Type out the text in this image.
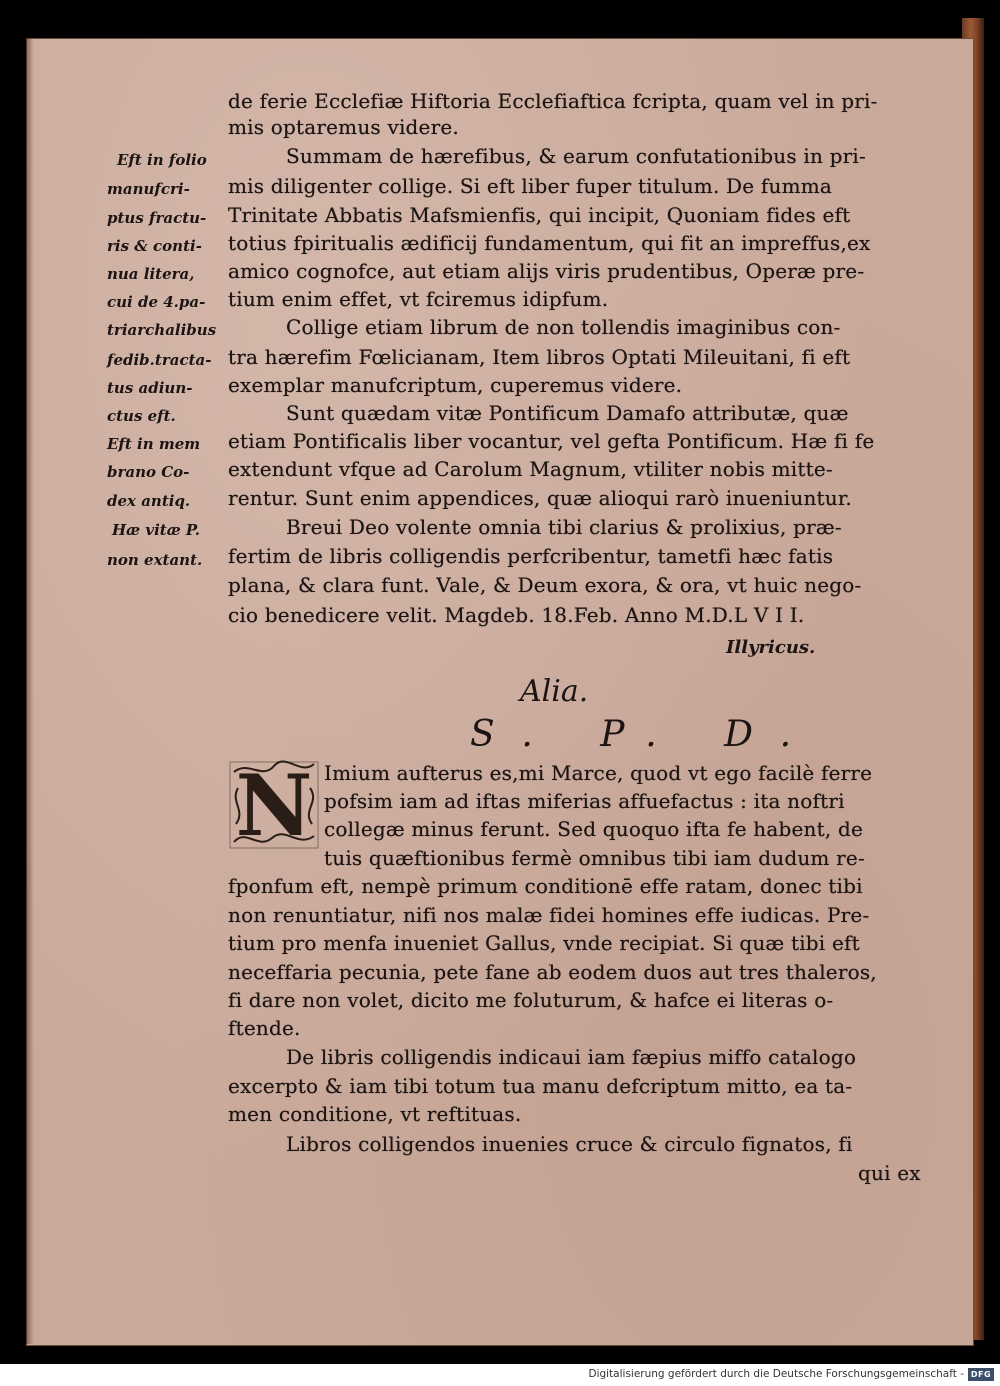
de ferie Ecclefiæ Hiftoria Ecclefiaftica fcripta, quam vel in pri-
mis optaremus videre.
Summam de hærefibus, & earum confutationibus in pri-
mis diligenter collige. Si eft liber fuper titulum. De fumma
Trinitate Abbatis Mafsmienfis, qui incipit, Quoniam fides eft
totius fpiritualis ædificij fundamentum, qui fit an impreffus,ex
amico cognofce, aut etiam alijs viris prudentibus, Operæ pre-
tium enim effet, vt fciremus idipfum.
Collige etiam librum de non tollendis imaginibus con-
tra hærefim Fœlicianam, Item libros Optati Mileuitani, fi eft
exemplar manufcriptum, cuperemus videre.
Sunt quædam vitæ Pontificum Damafo attributæ, quæ
etiam Pontificalis liber vocantur, vel gefta Pontificum. Hæ fi fe
extendunt vfque ad Carolum Magnum, vtiliter nobis mitte-
rentur. Sunt enim appendices, quæ alioqui rarò inueniuntur.
Breui Deo volente omnia tibi clarius & prolixius, præ-
fertim de libris colligendis perfcribentur, tametfi hæc fatis
plana, & clara funt. Vale, & Deum exora, & ora, vt huic nego-
cio benedicere velit. Magdeb. 18.Feb. Anno M.D.L V I I.
Illyricus.
Alia.
S. P. D.
N Imium aufterus es,mi Marce, quod vt ego facilè ferre
pofsim iam ad iftas miferias affuefactus : ita noftri
collegæ minus ferunt. Sed quoquo ifta fe habent, de
tuis quæftionibus fermè omnibus tibi iam dudum re-
fponfum eft, nempè primum conditionē effe ratam, donec tibi
non renuntiatur, nifi nos malæ fidei homines effe iudicas. Pre-
tium pro menfa inueniet Gallus, vnde recipiat. Si quæ tibi eft
neceffaria pecunia, pete fane ab eodem duos aut tres thaleros,
fi dare non volet, dicito me foluturum, & hafce ei literas o-
ftende.
De libris colligendis indicaui iam fæpius miffo catalogo
excerpto & iam tibi totum tua manu defcriptum mitto, ea ta-
men conditione, vt reftituas.
Libros colligendos inuenies cruce & circulo fignatos, fi
qui ex
Eft in folio
manufcri-
ptus fractu-
ris & conti-
nua litera,
cui de 4.pa-
triarchalibus
fedib.tracta-
tus adiun-
ctus eft.
Eft in mem
brano Co-
dex antiq.
Hæ vitæ P.
non extant.
Digitalisierung gefördert durch die Deutsche Forschungsgemeinschaft - DFG
